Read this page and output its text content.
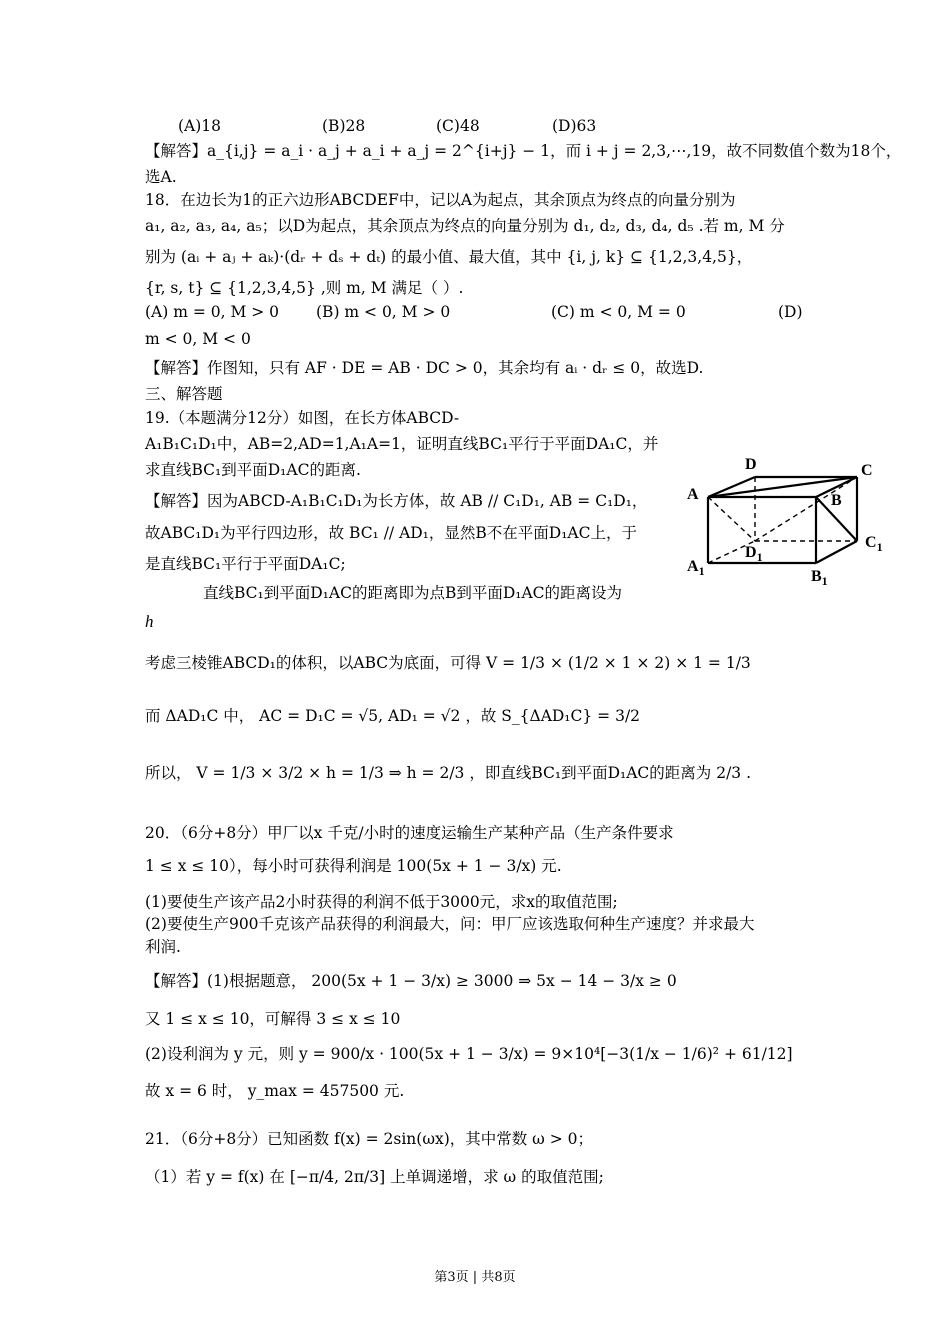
(A)18	(B)28	(C)48	(D)63
【解答】a_{i,j} = a_i · a_j + a_i + a_j = 2^{i+j} − 1，而 i + j = 2,3,⋯,19，故不同数值个数为18个，
选A.
18．在边长为1的正六边形ABCDEF中，记以A为起点，其余顶点为终点的向量分别为
a₁, a₂, a₃, a₄, a₅；以D为起点，其余顶点为终点的向量分别为 d₁, d₂, d₃, d₄, d₅ .若 m, M 分
别为 (aᵢ + aⱼ + aₖ)·(dᵣ + dₛ + dₜ) 的最小值、最大值，其中 {i, j, k} ⊆ {1,2,3,4,5}，
{r, s, t} ⊆ {1,2,3,4,5} ,则 m, M 满足（ ）.
(A) m = 0, M > 0 (B) m < 0, M > 0	(C) m < 0, M = 0	(D)
m < 0, M < 0
【解答】作图知，只有 AF · DE = AB · DC > 0，其余均有 aᵢ · dᵣ ≤ 0，故选D.
三、解答题
19.（本题满分12分）如图，在长方体ABCD-
A₁B₁C₁D₁中，AB=2,AD=1,A₁A=1，证明直线BC₁平行于平面DA₁C，并
求直线BC₁到平面D₁AC的距离.
【解答】因为ABCD-A₁B₁C₁D₁为长方体，故 AB // C₁D₁, AB = C₁D₁，
故ABC₁D₁为平行四边形，故 BC₁ // AD₁，显然B不在平面D₁AC上，于
是直线BC₁平行于平面DA₁C;
直线BC₁到平面D₁AC的距离即为点B到平面D₁AC的距离设为
h
考虑三棱锥ABCD₁的体积，以ABC为底面，可得 V = 1/3 × (1/2 × 1 × 2) × 1 = 1/3
而 ΔAD₁C 中， AC = D₁C = √5, AD₁ = √2 ，故 S_{ΔAD₁C} = 3/2
所以， V = 1/3 × 3/2 × h = 1/3 ⇒ h = 2/3 ，即直线BC₁到平面D₁AC的距离为 2/3 .
D	C
A	B
$C_1$
$D_1$
$A_1$	$B_1$
20．（6分+8分）甲厂以x 千克/小时的速度运输生产某种产品（生产条件要求
1 ≤ x ≤ 10），每小时可获得利润是 100(5x + 1 − 3/x) 元.
(1)要使生产该产品2小时获得的利润不低于3000元，求x的取值范围;
(2)要使生产900千克该产品获得的利润最大，问：甲厂应该选取何种生产速度？并求最大
利润.
【解答】(1)根据题意， 200(5x + 1 − 3/x) ≥ 3000 ⇒ 5x − 14 − 3/x ≥ 0
又 1 ≤ x ≤ 10，可解得 3 ≤ x ≤ 10
(2)设利润为 y 元，则 y = 900/x · 100(5x + 1 − 3/x) = 9×10⁴[−3(1/x − 1/6)² + 61/12]
故 x = 6 时， y_max = 457500 元.
21．（6分+8分）已知函数 f(x) = 2sin(ωx)，其中常数 ω > 0；
（1）若 y = f(x) 在 [−π/4, 2π/3] 上单调递增，求 ω 的取值范围;
第3页 | 共8页
